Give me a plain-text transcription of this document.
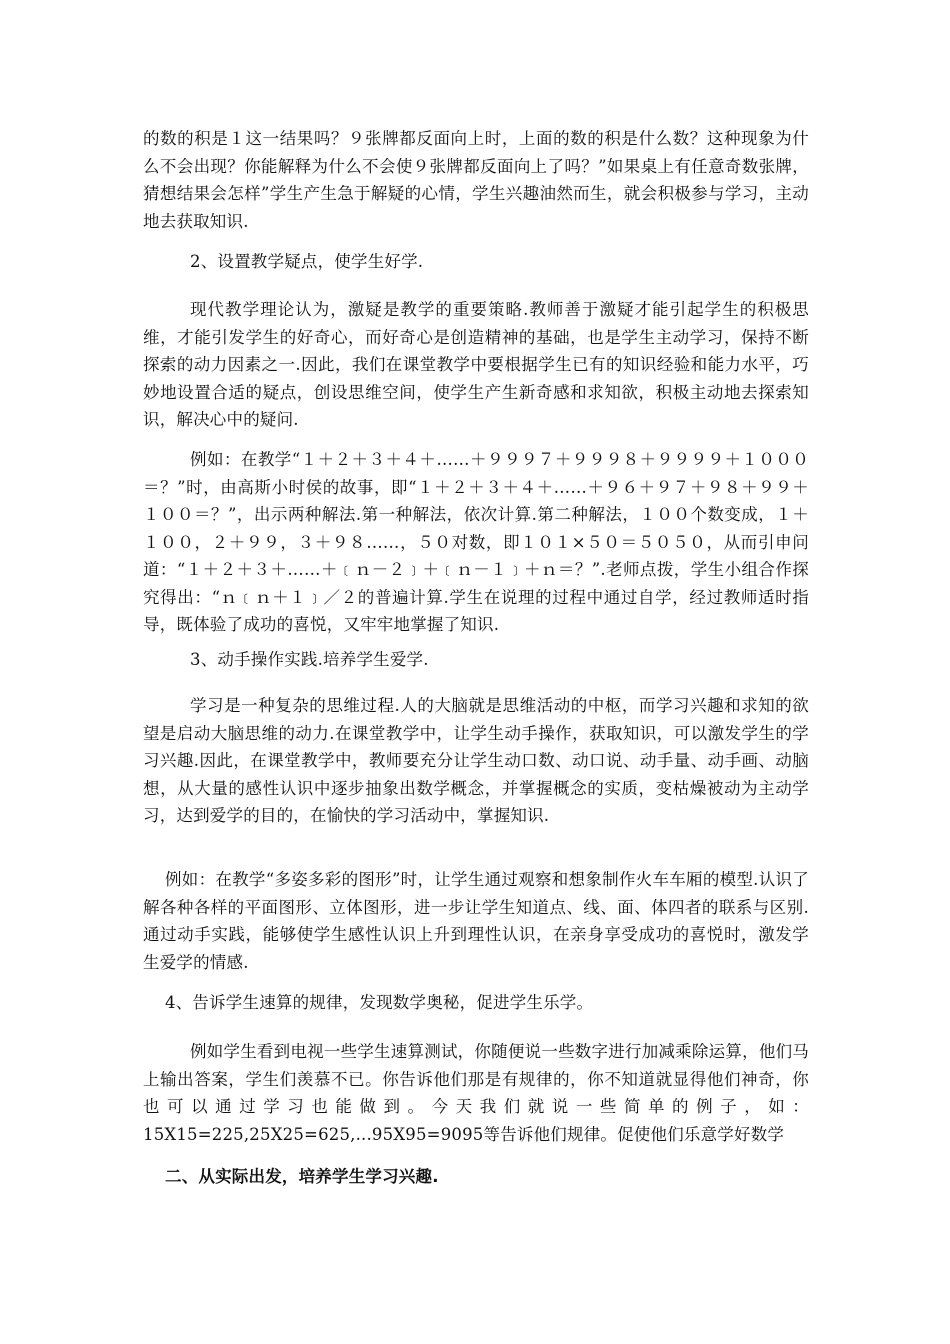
的数的积是１这一结果吗？９张牌都反面向上时，上面的数的积是什么数？这种现象为什么不会出现？你能解释为什么不会使９张牌都反面向上了吗？”如果桌上有任意奇数张牌，猜想结果会怎样”学生产生急于解疑的心情，学生兴趣油然而生，就会积极参与学习，主动地去获取知识.

2、设置教学疑点，使学生好学.

现代教学理论认为，激疑是教学的重要策略.教师善于激疑才能引起学生的积极思维，才能引发学生的好奇心，而好奇心是创造精神的基础，也是学生主动学习，保持不断探索的动力因素之一.因此，我们在课堂教学中要根据学生已有的知识经验和能力水平，巧妙地设置合适的疑点，创设思维空间，使学生产生新奇感和求知欲，积极主动地去探索知识，解决心中的疑问.

例如：在教学“１＋２＋３＋４＋……＋９９９７＋９９９８＋９９９９＋１０００＝？”时，由高斯小时侯的故事，即“１＋２＋３＋４＋……＋９６＋９７＋９８＋９９＋１００＝？”，出示两种解法.第一种解法，依次计算.第二种解法，１００个数变成，１＋１００，２＋９９，３＋９８……，５０对数，即１０１×５０＝５０５０，从而引申问道：“１＋２＋３＋……＋﹝ｎ－２﹞＋﹝ｎ－１﹞＋ｎ＝？”.老师点拨，学生小组合作探究得出：“ｎ﹝ｎ＋１﹞／２的普遍计算.学生在说理的过程中通过自学，经过教师适时指导，既体验了成功的喜悦，又牢牢地掌握了知识.

3、动手操作实践.培养学生爱学.

学习是一种复杂的思维过程.人的大脑就是思维活动的中枢，而学习兴趣和求知的欲望是启动大脑思维的动力.在课堂教学中，让学生动手操作，获取知识，可以激发学生的学习兴趣.因此，在课堂教学中，教师要充分让学生动口数、动口说、动手量、动手画、动脑想，从大量的感性认识中逐步抽象出数学概念，并掌握概念的实质，变枯燥被动为主动学习，达到爱学的目的，在愉快的学习活动中，掌握知识.

例如：在教学“多姿多彩的图形”时，让学生通过观察和想象制作火车车厢的模型.认识了解各种各样的平面图形、立体图形，进一步让学生知道点、线、面、体四者的联系与区别.通过动手实践，能够使学生感性认识上升到理性认识，在亲身享受成功的喜悦时，激发学生爱学的情感.

4、告诉学生速算的规律，发现数学奥秘，促进学生乐学。

例如学生看到电视一些学生速算测试，你随便说一些数字进行加减乘除运算，他们马上输出答案，学生们羡慕不已。你告诉他们那是有规律的，你不知道就显得他们神奇，你也可以通过学习也能做到。今天我们就说一些简单的例子，如：15X15=225,25X25=625,...95X95=9095等告诉他们规律。促使他们乐意学好数学

二、从实际出发，培养学生学习兴趣.
